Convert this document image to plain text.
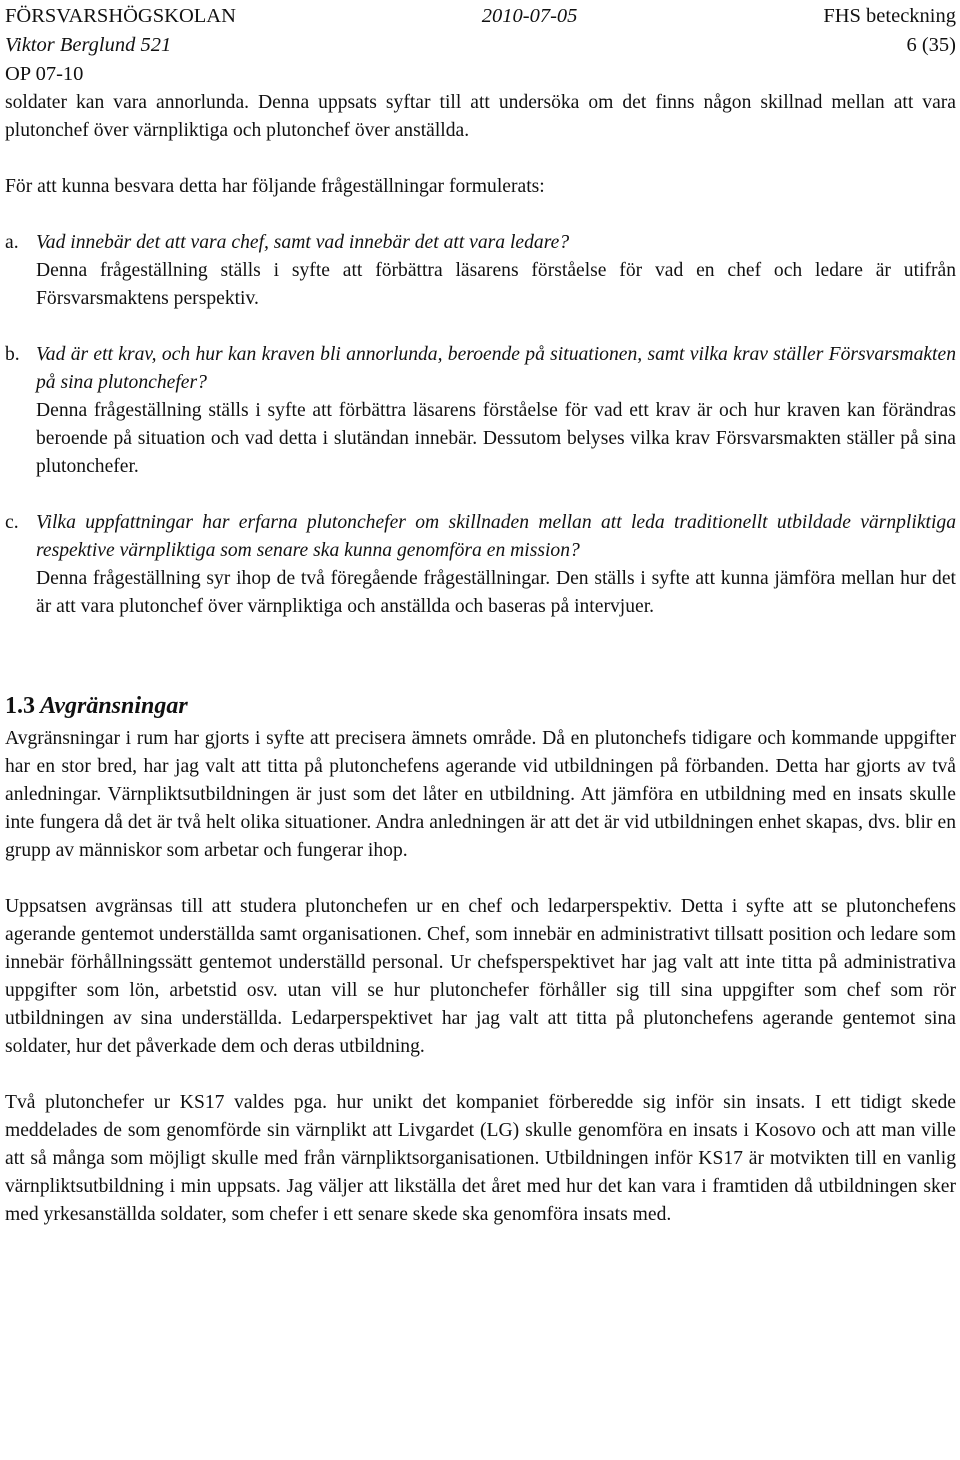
FÖRSVARSHÖGSKOLAN	2010-07-05	FHS beteckning
Viktor Berglund 521	6 (35)
OP 07-10

soldater kan vara annorlunda. Denna uppsats syftar till att undersöka om det finns någon skillnad mellan att vara plutonchef över värnpliktiga och plutonchef över anställda.

För att kunna besvara detta har följande frågeställningar formulerats:

a. Vad innebär det att vara chef, samt vad innebär det att vara ledare?

Denna frågeställning ställs i syfte att förbättra läsarens förståelse för vad en chef och ledare är utifrån Försvarsmaktens perspektiv.

b. Vad är ett krav, och hur kan kraven bli annorlunda, beroende på situationen, samt vilka krav ställer Försvarsmakten på sina plutonchefer?

Denna frågeställning ställs i syfte att förbättra läsarens förståelse för vad ett krav är och hur kraven kan förändras beroende på situation och vad detta i slutändan innebär. Dessutom belyses vilka krav Försvarsmakten ställer på sina plutonchefer.

c. Vilka uppfattningar har erfarna plutonchefer om skillnaden mellan att leda traditionellt utbildade värnpliktiga respektive värnpliktiga som senare ska kunna genomföra en mission?

Denna frågeställning syr ihop de två föregående frågeställningar. Den ställs i syfte att kunna jämföra mellan hur det är att vara plutonchef över värnpliktiga och anställda och baseras på intervjuer.

1.3 Avgränsningar

Avgränsningar i rum har gjorts i syfte att precisera ämnets område. Då en plutonchefs tidigare och kommande uppgifter har en stor bred, har jag valt att titta på plutonchefens agerande vid utbildningen på förbanden. Detta har gjorts av två anledningar. Värnpliktsutbildningen är just som det låter en utbildning. Att jämföra en utbildning med en insats skulle inte fungera då det är två helt olika situationer. Andra anledningen är att det är vid utbildningen enhet skapas, dvs. blir en grupp av människor som arbetar och fungerar ihop.

Uppsatsen avgränsas till att studera plutonchefen ur en chef och ledarperspektiv. Detta i syfte att se plutonchefens agerande gentemot underställda samt organisationen. Chef, som innebär en administrativt tillsatt position och ledare som innebär förhållningssätt gentemot underställd personal. Ur chefsperspektivet har jag valt att inte titta på administrativa uppgifter som lön, arbetstid osv. utan vill se hur plutonchefer förhåller sig till sina uppgifter som chef som rör utbildningen av sina underställda. Ledarperspektivet har jag valt att titta på plutonchefens agerande gentemot sina soldater, hur det påverkade dem och deras utbildning.

Två plutonchefer ur KS17 valdes pga. hur unikt det kompaniet förberedde sig inför sin insats. I ett tidigt skede meddelades de som genomförde sin värnplikt att Livgardet (LG) skulle genomföra en insats i Kosovo och att man ville att så många som möjligt skulle med från värnpliktsorganisationen. Utbildningen inför KS17 är motvikten till en vanlig värnpliktsutbildning i min uppsats. Jag väljer att likställa det året med hur det kan vara i framtiden då utbildningen sker med yrkesanställda soldater, som chefer i ett senare skede ska genomföra insats med.
